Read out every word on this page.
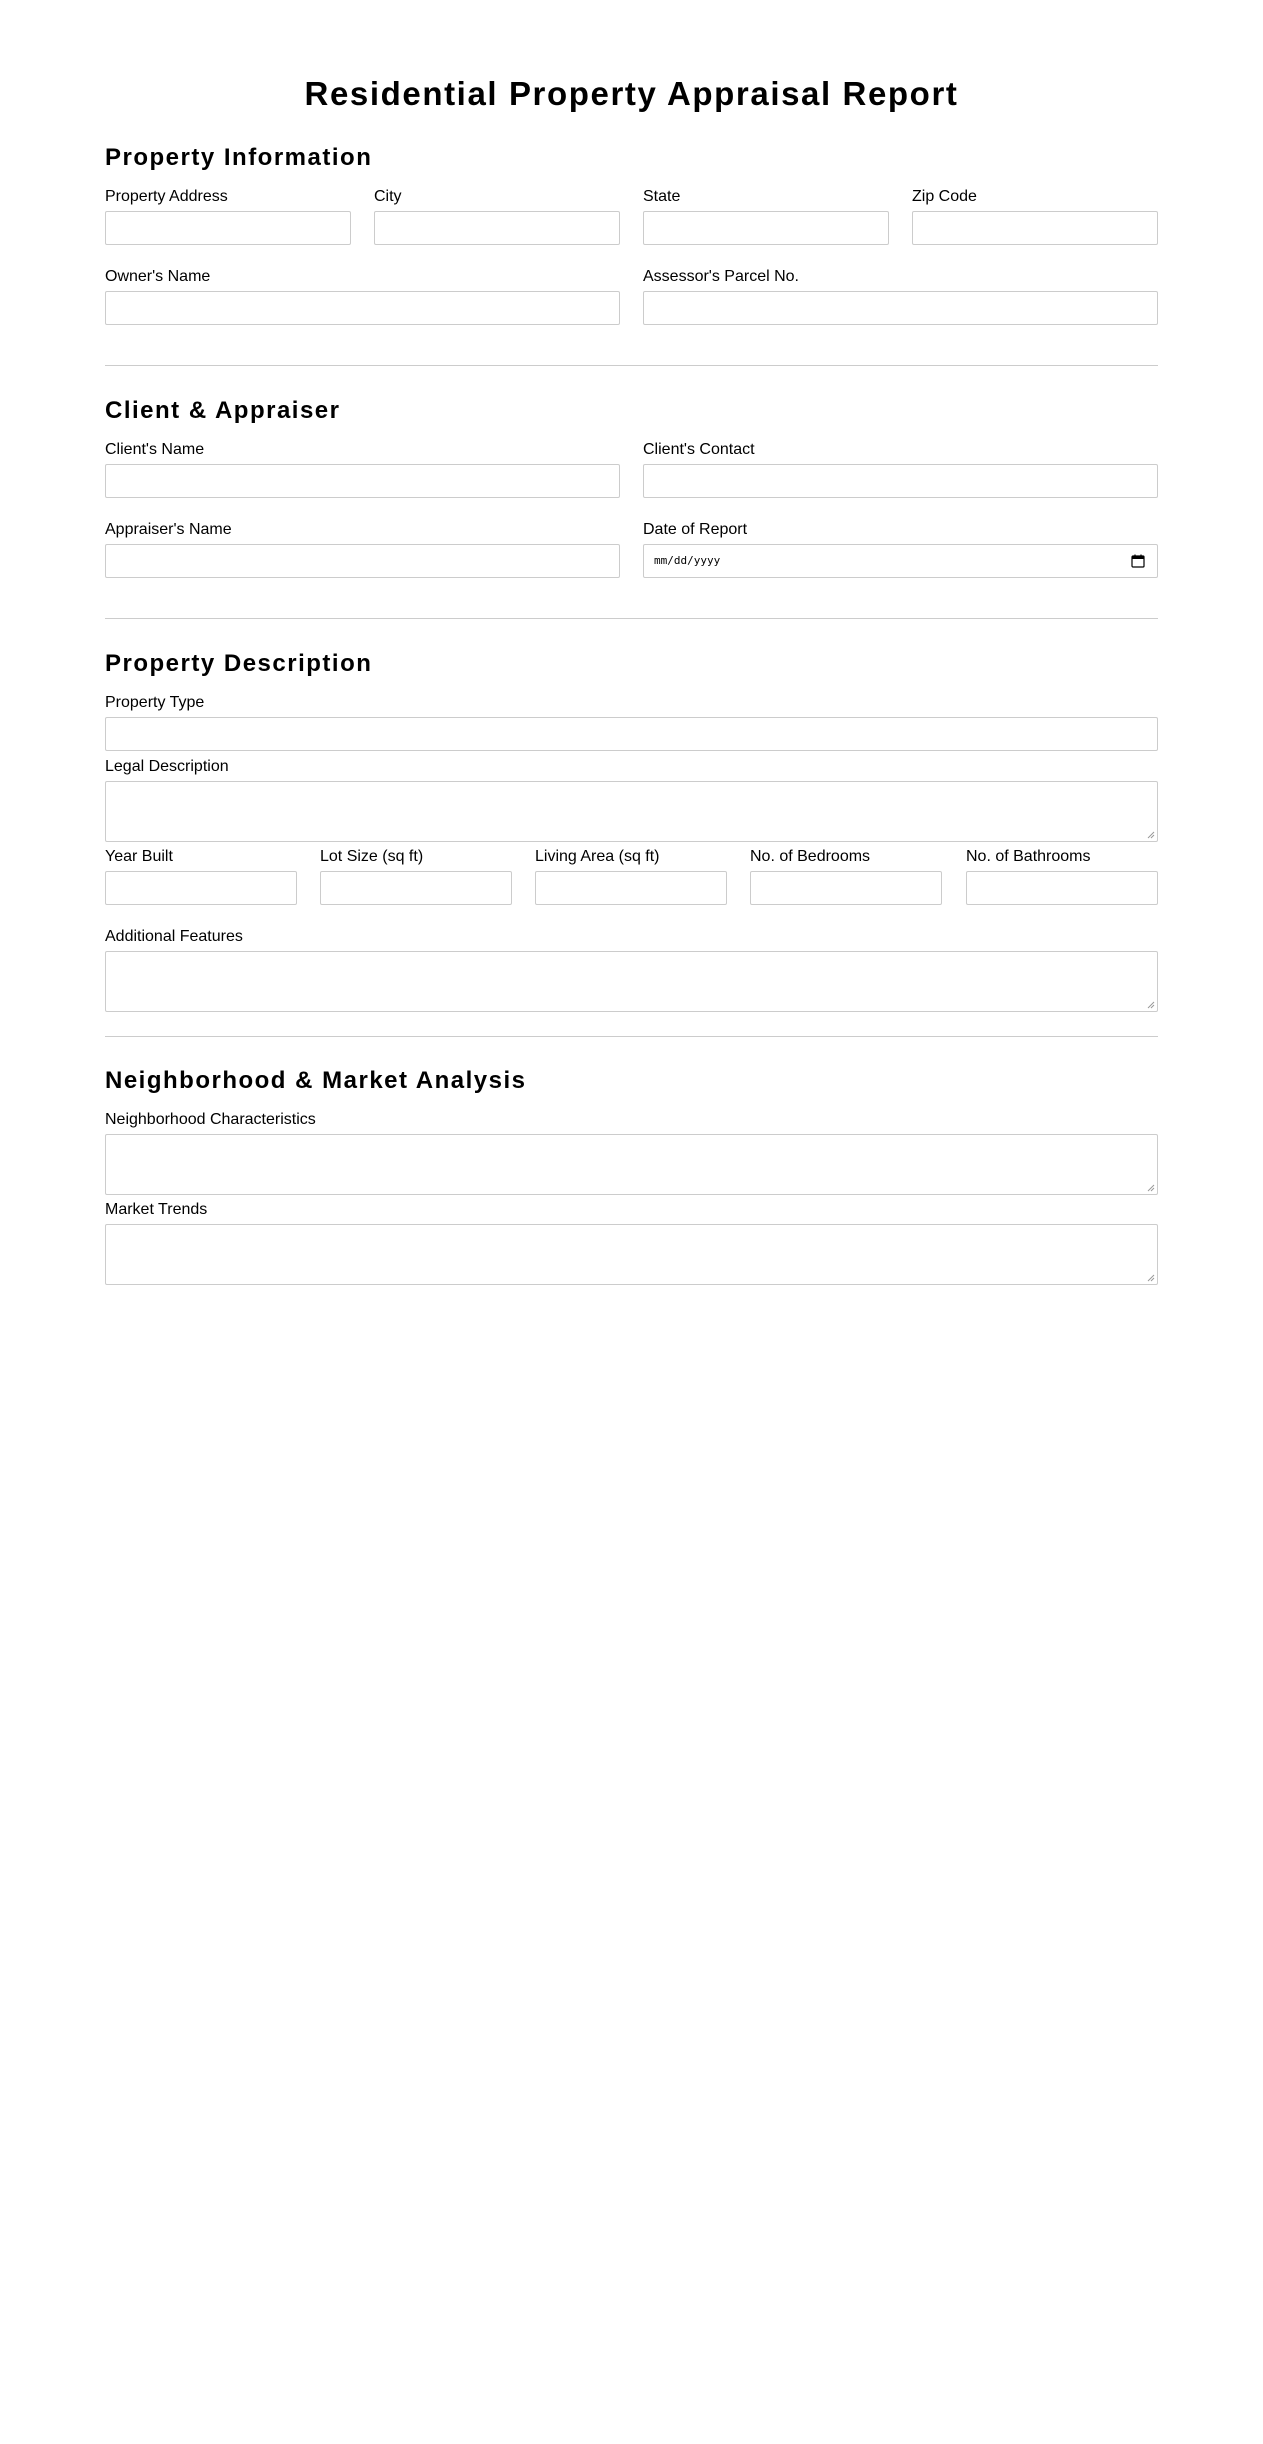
Residential Property Appraisal Report
Property Information
Property Address	City	State	Zip Code
Owner's Name	Assessor's Parcel No.
Client & Appraiser
Client's Name	Client's Contact
Appraiser's Name	Date of Report
mm/dd/yyyy
Property Description
Property Type
Legal Description
Year Built	Lot Size (sq ft)	Living Area (sq ft)	No. of Bedrooms	No. of Bathrooms
Additional Features
Neighborhood & Market Analysis
Neighborhood Characteristics
Market Trends
